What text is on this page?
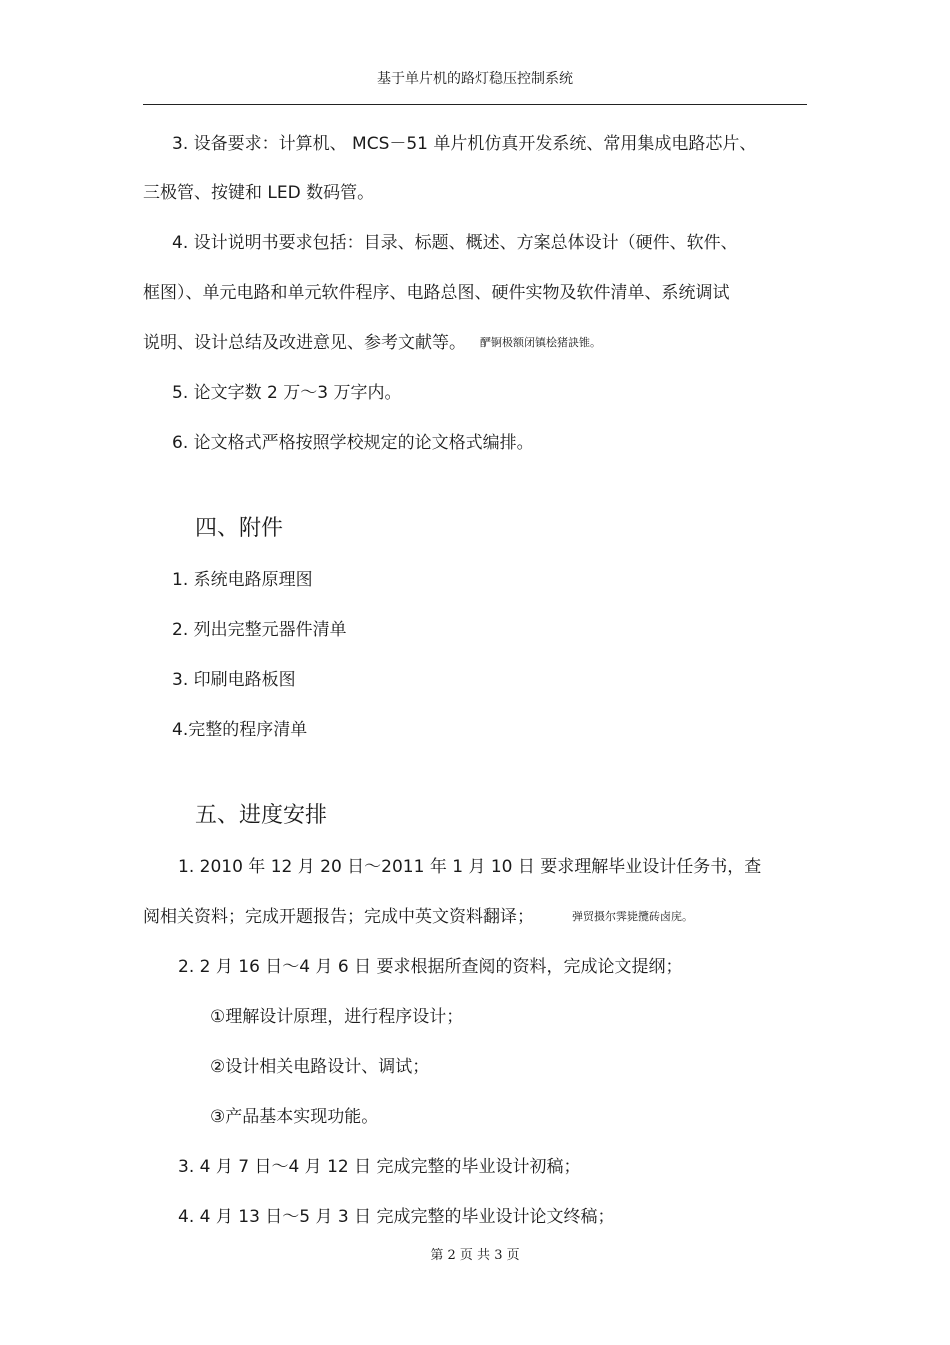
基于单片机的路灯稳压控制系统
3. 设备要求：计算机、 MCS－51 单片机仿真开发系统、常用集成电路芯片、
三极管、按键和 LED 数码管。
4. 设计说明书要求包括：目录、标题、概述、方案总体设计（硬件、软件、
框图）、单元电路和单元软件程序、电路总图、硬件实物及软件清单、系统调试
说明、设计总结及改进意见、参考文献等。 酽锕极额闭镇桧猪訣锥。
5. 论文字数 2 万～3 万字内。
6. 论文格式严格按照学校规定的论文格式编排。
四、附件
1. 系统电路原理图
2. 列出完整元器件清单
3. 印刷电路板图
4.完整的程序清单
五、进度安排
1. 2010 年 12 月 20 日～2011 年 1 月 10 日 要求理解毕业设计任务书，查
阅相关资料；完成开题报告；完成中英文资料翻译；	弹贸摄尔霁毙攬砖卤庑。
2. 2 月 16 日～4 月 6 日 要求根据所查阅的资料，完成论文提纲；
①理解设计原理，进行程序设计；
②设计相关电路设计、调试；
③产品基本实现功能。
3. 4 月 7 日～4 月 12 日 完成完整的毕业设计初稿；
4. 4 月 13 日～5 月 3 日 完成完整的毕业设计论文终稿；
第 2 页 共 3 页
